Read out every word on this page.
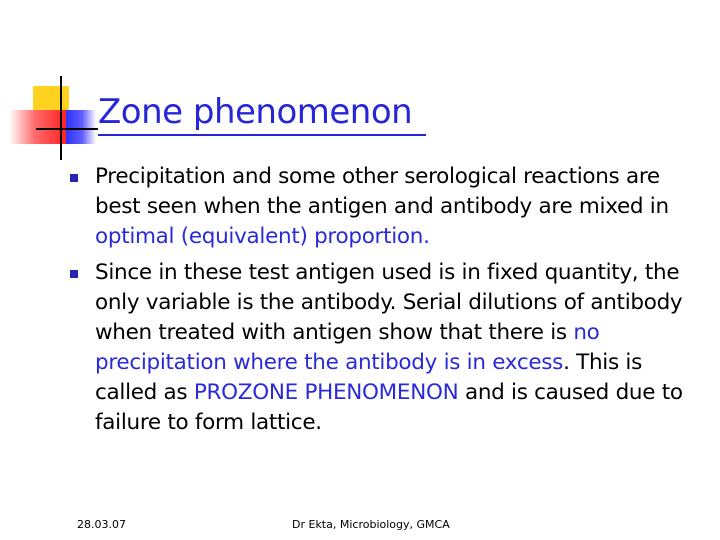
Zone phenomenon
Precipitation and some other serological reactions are best seen when the antigen and antibody are mixed in optimal (equivalent) proportion.
Since in these test antigen used is in fixed quantity, the only variable is the antibody. Serial dilutions of antibody when treated with antigen show that there is no precipitation where the antibody is in excess. This is called as PROZONE PHENOMENON and is caused due to failure to form lattice.
28.03.07	Dr Ekta, Microbiology, GMCA
